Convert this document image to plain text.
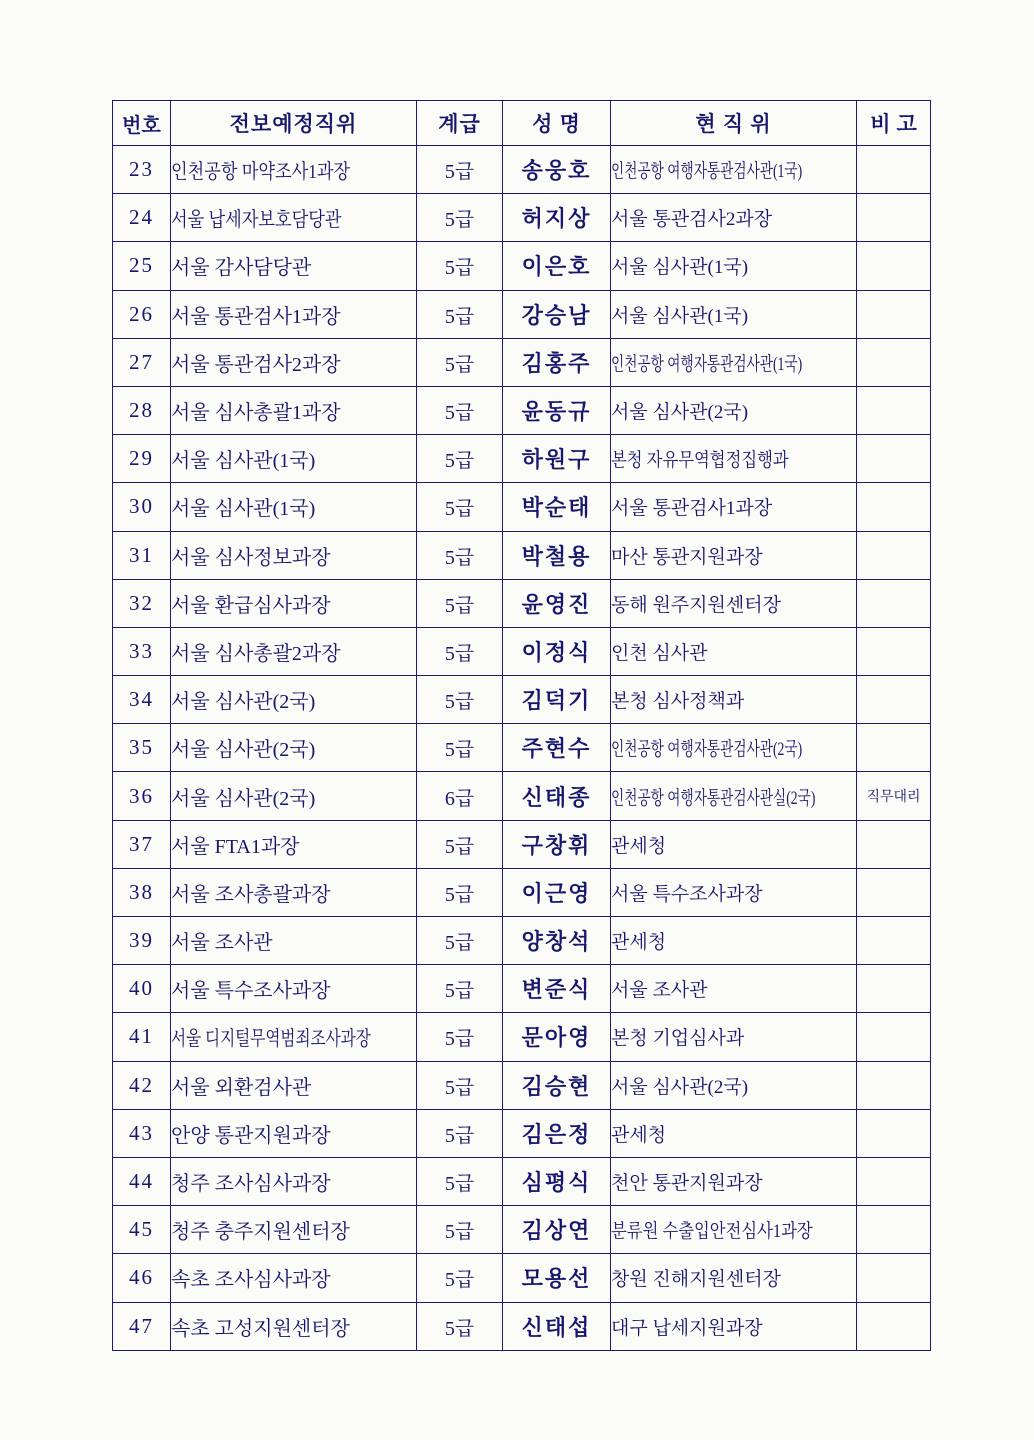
번호	전보예정직위	계급	성 명	현 직 위	비고
23	인천공항 마약조사1과장	5급	송웅호	인천공항 여행자통관검사관(1국)	
24	서울 납세자보호담당관	5급	허지상	서울 통관검사2과장	
25	서울 감사담당관	5급	이은호	서울 심사관(1국)	
26	서울 통관검사1과장	5급	강승남	서울 심사관(1국)	
27	서울 통관검사2과장	5급	김홍주	인천공항 여행자통관검사관(1국)	
28	서울 심사총괄1과장	5급	윤동규	서울 심사관(2국)	
29	서울 심사관(1국)	5급	하원구	본청 자유무역협정집행과	
30	서울 심사관(1국)	5급	박순태	서울 통관검사1과장	
31	서울 심사정보과장	5급	박철용	마산 통관지원과장	
32	서울 환급심사과장	5급	윤영진	동해 원주지원센터장	
33	서울 심사총괄2과장	5급	이정식	인천 심사관	
34	서울 심사관(2국)	5급	김덕기	본청 심사정책과	
35	서울 심사관(2국)	5급	주현수	인천공항 여행자통관검사관(2국)	
36	서울 심사관(2국)	6급	신태종	인천공항 여행자통관검사관실(2국)	직무대리
37	서울 FTA1과장	5급	구창휘	관세청	
38	서울 조사총괄과장	5급	이근영	서울 특수조사과장	
39	서울 조사관	5급	양창석	관세청	
40	서울 특수조사과장	5급	변준식	서울 조사관	
41	서울 디지털무역범죄조사과장	5급	문아영	본청 기업심사과	
42	서울 외환검사관	5급	김승현	서울 심사관(2국)	
43	안양 통관지원과장	5급	김은정	관세청	
44	청주 조사심사과장	5급	심평식	천안 통관지원과장	
45	청주 충주지원센터장	5급	김상연	분류원 수출입안전심사1과장	
46	속초 조사심사과장	5급	모용선	창원 진해지원센터장	
47	속초 고성지원센터장	5급	신태섭	대구 납세지원과장	
